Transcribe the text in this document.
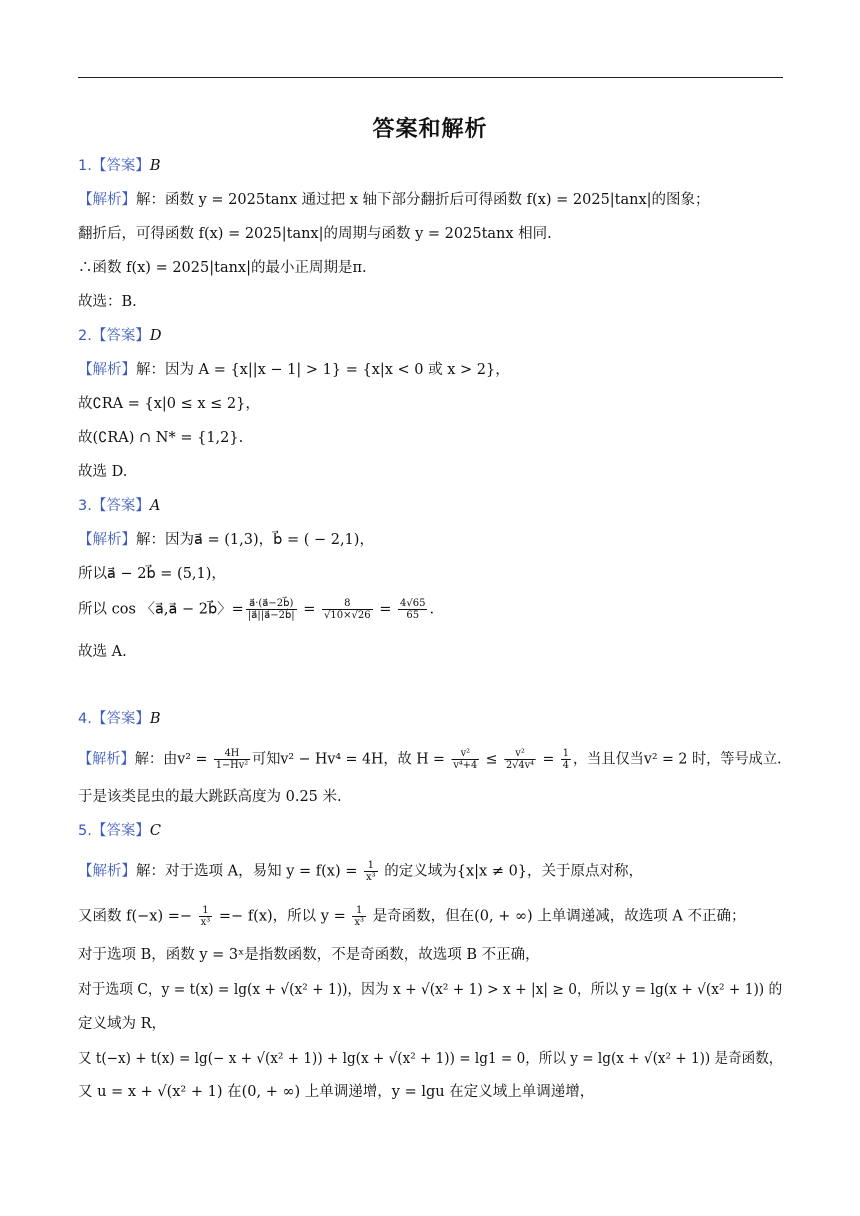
答案和解析
1.【答案】B
【解析】解：函数 y = 2025tanx 通过把 x 轴下部分翻折后可得函数 f(x) = 2025|tanx|的图象；
翻折后，可得函数 f(x) = 2025|tanx|的周期与函数 y = 2025tanx 相同.
∴函数 f(x) = 2025|tanx|的最小正周期是π.
故选：B.
2.【答案】D
【解析】解：因为 A = {x||x − 1| > 1} = {x|x < 0 或 x > 2}，
故∁RA = {x|0 ≤ x ≤ 2}，
故(∁RA) ∩ N* = {1,2}.
故选 D.
3.【答案】A
【解析】解：因为a⃗ = (1,3)，b⃗ = ( − 2,1)，
所以a⃗ − 2b⃗ = (5,1)，
所以 cos 〈a⃗,a⃗ − 2b⃗〉= $\frac{a⃗\cdot(a⃗-2b⃗)}{|a⃗||a⃗-2b⃗|} = \frac{8}{√10\times√26} = \frac{4√65}{65}$ .
故选 A.
4.【答案】B
【解析】解：由$v^2 = \frac{4H}{\text{1−Hv²}}$ 可知v² − Hv⁴ = 4H，故 $H = \frac{\text{v²}}{\text{v⁴+4}} \le \frac{\text{v²}}{\text{2√4v⁴}} = \frac{1}{4}$ ，当且仅当v² = 2 时，等号成立.
于是该类昆虫的最大跳跃高度为 0.25 米.
5.【答案】C
【解析】解：对于选项 A，易知 $y = f(x) = \frac{1}{\text{x³}}$ 的定义域为{x|x ≠ 0}，关于原点对称，
又函数 $f(-x) =- \frac{1}{\text{x³}} =- f(x)$，所以 $y = \frac{1}{\text{x³}}$ 是奇函数，但在(0, + ∞) 上单调递减，故选项 A 不正确；
对于选项 B，函数 y = 3ˣ是指数函数，不是奇函数，故选项 B 不正确，
对于选项 C，y = t(x) = lg(x + √(x² + 1))，因为 x + √(x² + 1) > x + |x| ≥ 0，所以 y = lg(x + √(x² + 1)) 的
定义域为 R，
又 t(−x) + t(x) = lg(− x + √(x² + 1)) + lg(x + √(x² + 1)) = lg1 = 0，所以 y = lg(x + √(x² + 1)) 是奇函数，
又 u = x + √(x² + 1) 在(0, + ∞) 上单调递增，y = lgu 在定义域上单调递增，
